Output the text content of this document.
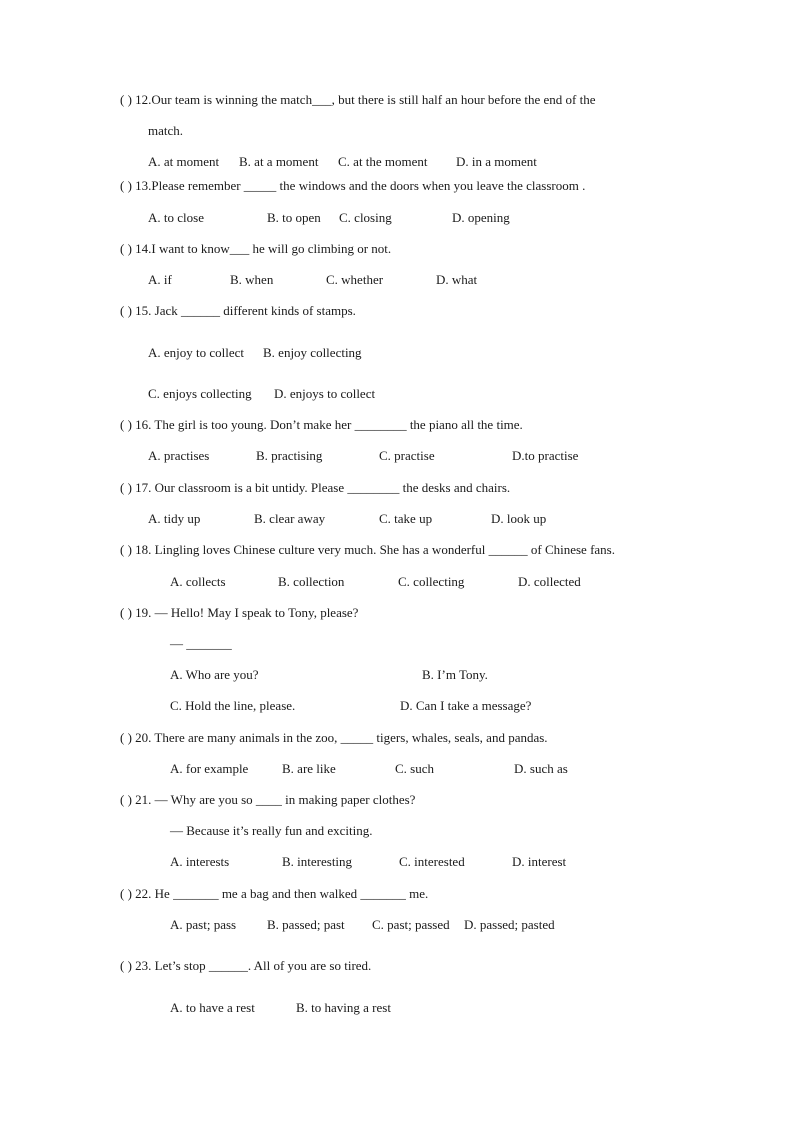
( ) 12.Our team is winning the match___, but there is still half an hour before the end of the
match.
A. at moment B. at a moment C. at the moment D. in a moment
( ) 13.Please remember _____ the windows and the doors when you leave the classroom .
A. to close	B. to open C. closing	D. opening
( ) 14.I want to know___ he will go climbing or not.
A. if	B. when	C. whether	D. what
( ) 15. Jack ______ different kinds of stamps.
A. enjoy to collect B. enjoy collecting
C. enjoys collecting D. enjoys to collect
( ) 16. The girl is too young. Don’t make her ________ the piano all the time.
A. practises	B. practising	C. practise	D.to practise
( ) 17. Our classroom is a bit untidy. Please ________ the desks and chairs.
A. tidy up	B. clear away	C. take up	D. look up
( ) 18. Lingling loves Chinese culture very much. She has a wonderful ______ of Chinese fans.
A. collects	B. collection	C. collecting	D. collected
( ) 19. — Hello! May I speak to Tony, please?
— _______
A. Who are you?	B. I’m Tony.
C. Hold the line, please.	D. Can I take a message?
( ) 20. There are many animals in the zoo, _____ tigers, whales, seals, and pandas.
A. for example	B. are like	C. such	D. such as
( ) 21. — Why are you so ____ in making paper clothes?
— Because it’s really fun and exciting.
A. interests	B. interesting	C. interested	D. interest
( ) 22. He _______ me a bag and then walked _______ me.
A. past; pass B. passed; past C. past; passed D. passed; pasted
( ) 23. Let’s stop ______. All of you are so tired.
A. to have a rest	B. to having a rest
